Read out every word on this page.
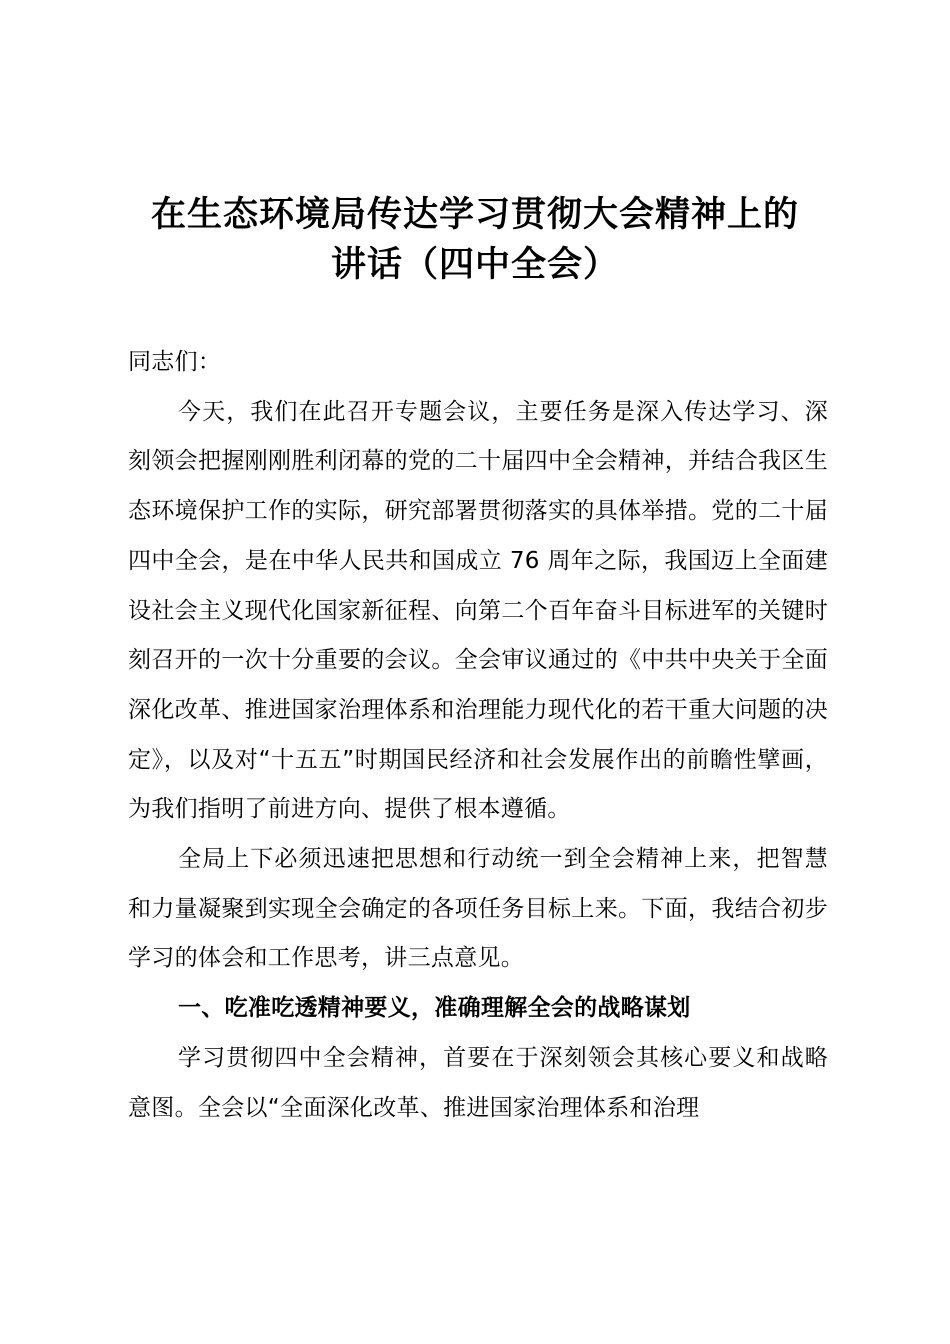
在生态环境局传达学习贯彻大会精神上的
讲话（四中全会）

同志们：

今天，我们在此召开专题会议，主要任务是深入传达学习、深刻领会把握刚刚胜利闭幕的党的二十届四中全会精神，并结合我区生态环境保护工作的实际，研究部署贯彻落实的具体举措。党的二十届四中全会，是在中华人民共和国成立 76 周年之际，我国迈上全面建设社会主义现代化国家新征程、向第二个百年奋斗目标进军的关键时刻召开的一次十分重要的会议。全会审议通过的《中共中央关于全面深化改革、推进国家治理体系和治理能力现代化的若干重大问题的决定》，以及对“十五五”时期国民经济和社会发展作出的前瞻性擘画，为我们指明了前进方向、提供了根本遵循。

全局上下必须迅速把思想和行动统一到全会精神上来，把智慧和力量凝聚到实现全会确定的各项任务目标上来。下面，我结合初步学习的体会和工作思考，讲三点意见。

一、吃准吃透精神要义，准确理解全会的战略谋划

学习贯彻四中全会精神，首要在于深刻领会其核心要义和战略意图。全会以“全面深化改革、推进国家治理体系和治理
